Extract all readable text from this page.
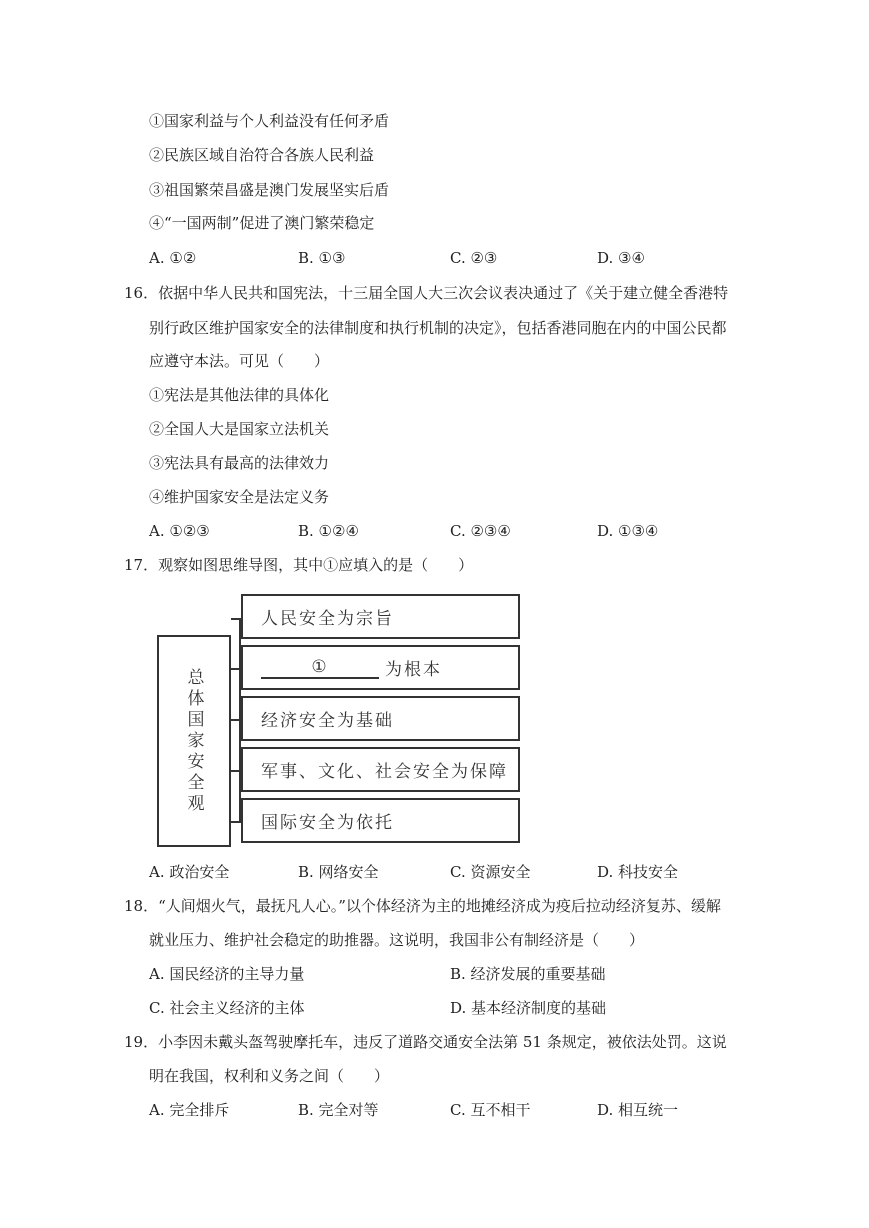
①国家利益与个人利益没有任何矛盾
②民族区域自治符合各族人民利益
③祖国繁荣昌盛是澳门发展坚实后盾
④“一国两制”促进了澳门繁荣稳定
A. ①②	B. ①③	C. ②③	D. ③④
16．依据中华人民共和国宪法，十三届全国人大三次会议表决通过了《关于建立健全香港特
别行政区维护国家安全的法律制度和执行机制的决定》，包括香港同胞在内的中国公民都
应遵守本法。可见（　　）
①宪法是其他法律的具体化
②全国人大是国家立法机关
③宪法具有最高的法律效力
④维护国家安全是法定义务
A. ①②③	B. ①②④	C. ②③④	D. ①③④
17．观察如图思维导图，其中①应填入的是（　　）
总体国家安全观
人民安全为宗旨
①	为根本
经济安全为基础
军事、文化、社会安全为保障
国际安全为依托
A. 政治安全	B. 网络安全	C. 资源安全	D. 科技安全
18．“人间烟火气，最抚凡人心。”以个体经济为主的地摊经济成为疫后拉动经济复苏、缓解
就业压力、维护社会稳定的助推器。这说明，我国非公有制经济是（　　）
A. 国民经济的主导力量	B. 经济发展的重要基础
C. 社会主义经济的主体	D. 基本经济制度的基础
19．小李因未戴头盔驾驶摩托车，违反了道路交通安全法第 51 条规定，被依法处罚。这说
明在我国，权利和义务之间（　　）
A. 完全排斥	B. 完全对等	C. 互不相干	D. 相互统一
